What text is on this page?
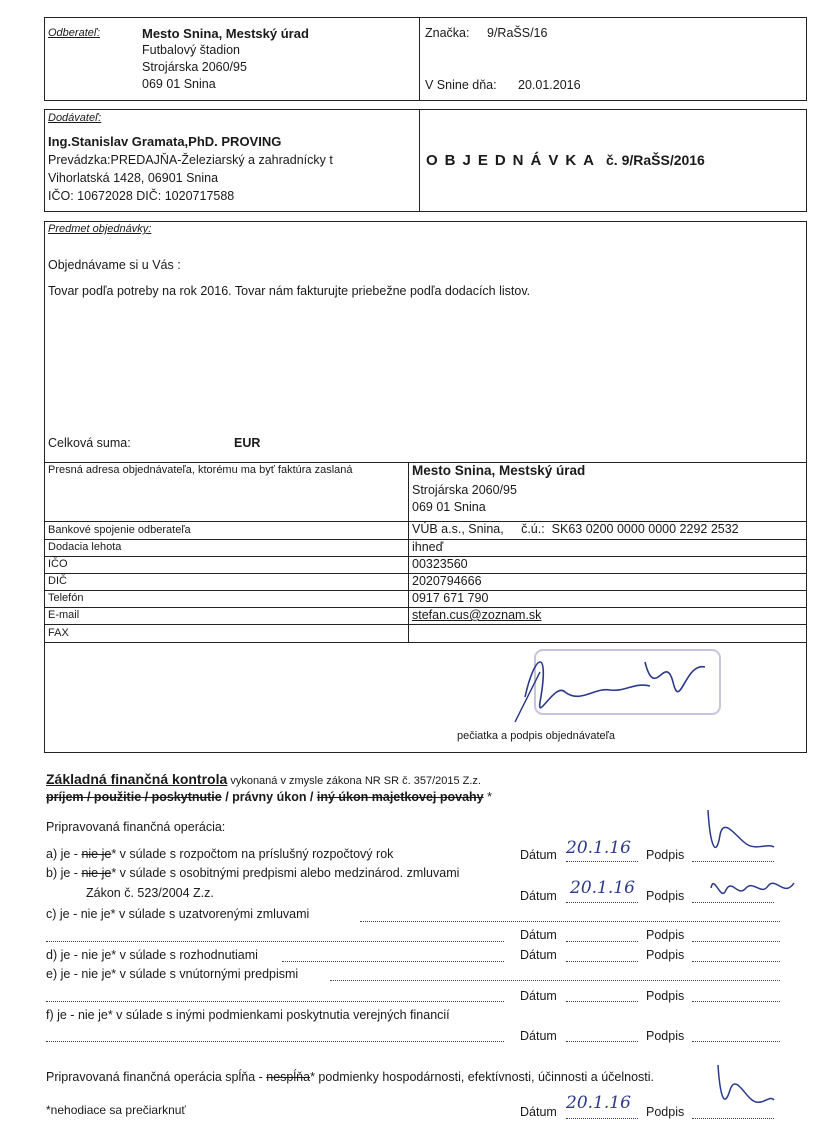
Odberateľ:	Mesto Snina, Mestský úrad
Futbalový štadion
Strojárska 2060/95
069 01 Snina
Značka: 9/RaŠS/16
V Snine dňa: 20.01.2016
Dodávateľ:
Ing.Stanislav Gramata,PhD. PROVING
Prevádzka:PREDAJŇA-Železiarský a zahradnícky t
Vihorlatská 1428, 06901 Snina
IČO: 10672028 DIČ: 1020717588
OBJEDNÁVKA č. 9/RaŠS/2016
Predmet objednávky:
Objednávame si u Vás :
Tovar podľa potreby na rok 2016. Tovar nám fakturujte priebežne podľa dodacích listov.
Celková suma:	EUR
Presná adresa objednávateľa, ktorému ma byť faktúra zaslaná	Mesto Snina, Mestský úrad
Strojárska 2060/95
069 01 Snina
Bankové spojenie odberateľa	VÚB a.s., Snina,     č.ú.:  SK63 0200 0000 0000 2292 2532
Dodacia lehota	ihneď
IČO	00323560
DIČ	2020794666
Telefón	0917 671 790
E-mail	stefan.cus@zoznam.sk
FAX
pečiatka a podpis objednávateľa
Základná finančná kontrola vykonaná v zmysle zákona NR SR č. 357/2015 Z.z.
príjem / použitie / poskytnutie / právny úkon / iný úkon majetkovej povahy *
Pripravovaná finančná operácia:
a) je - nie je* v súlade s rozpočtom na príslušný rozpočtový rok	Dátum 20.1.16 Podpis
b) je - nie je* v súlade s osobitnými predpismi alebo medzinárod. zmluvami
Zákon č. 523/2004 Z.z.	Dátum 20.1.16 Podpis
c) je - nie je* v súlade s uzatvorenými zmluvami
Dátum	Podpis
d) je - nie je* v súlade s rozhodnutiami	Dátum	Podpis
e) je - nie je* v súlade s vnútornými predpismi
Dátum	Podpis
f) je - nie je* v súlade s inými podmienkami poskytnutia verejných financií
Dátum	Podpis
Pripravovaná finančná operácia spĺňa - nespĺňa* podmienky hospodárnosti, efektívnosti, účinnosti a účelnosti.
*nehodiace sa prečiarknuť	Dátum 20.1.16 Podpis
